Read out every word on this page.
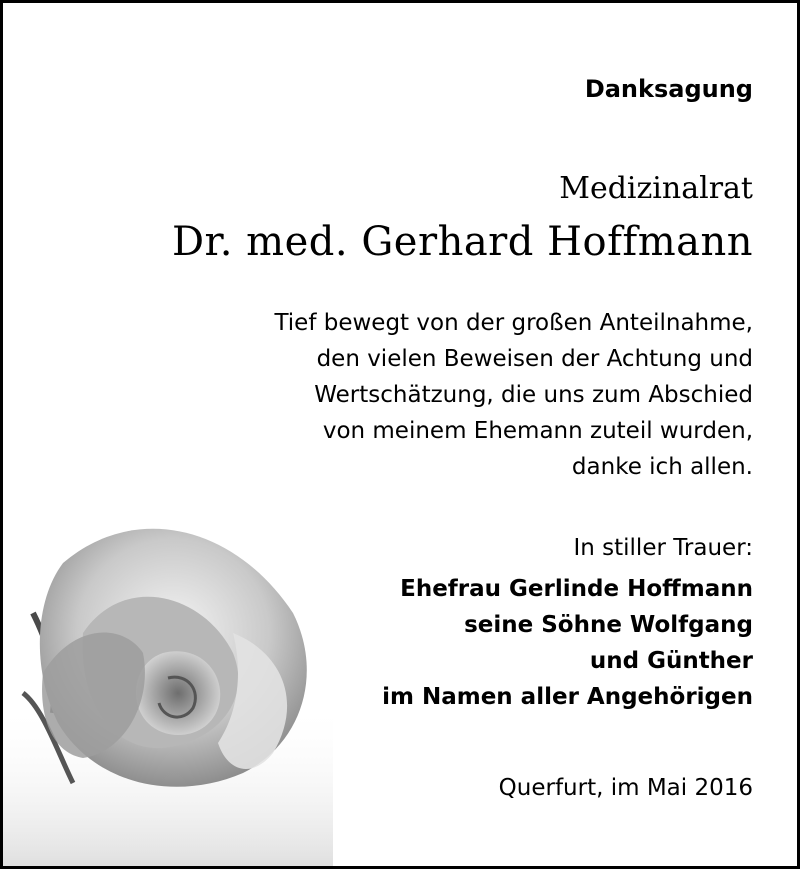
Danksagung
Medizinalrat
Dr. med. Gerhard Hoffmann
Tief bewegt von der großen Anteilnahme,
den vielen Beweisen der Achtung und
Wertschätzung, die uns zum Abschied
von meinem Ehemann zuteil wurden,
danke ich allen.
In stiller Trauer:
Ehefrau Gerlinde Hoffmann
seine Söhne Wolfgang
und Günther
im Namen aller Angehörigen
Querfurt, im Mai 2016
